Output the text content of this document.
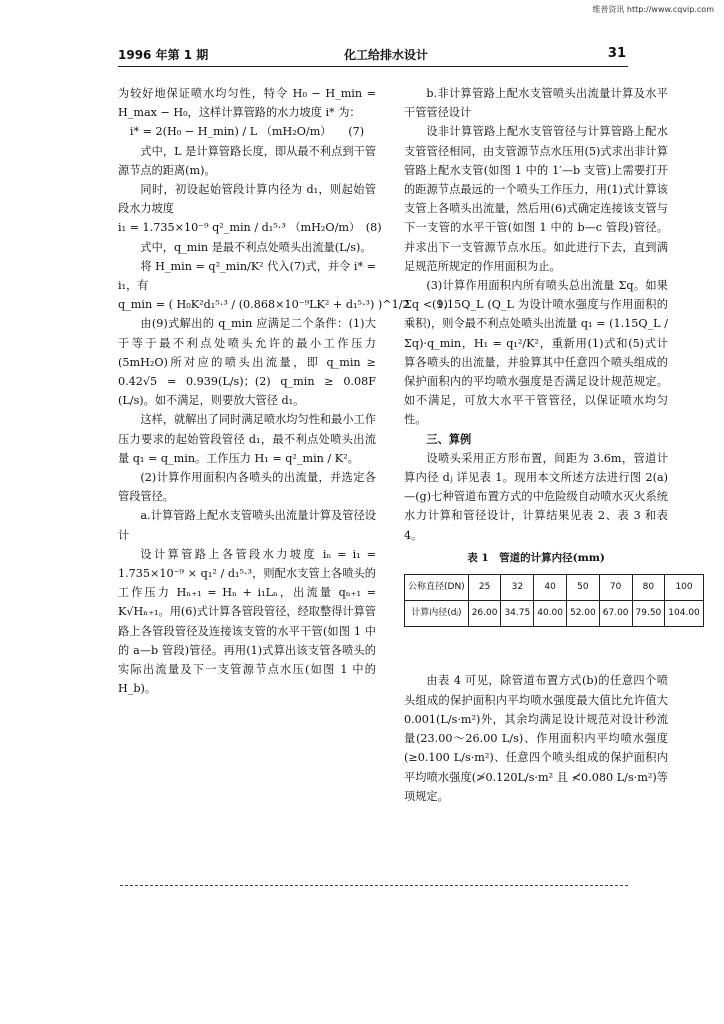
维普资讯 http://www.cqvip.com
1996 年第 1 期	化工给排水设计	31

为较好地保证喷水均匀性，特令 H₀ − H_min = H_max − H₀，这样计算管路的水力坡度 i* 为：

i* = 2(H₀ − H_min) / L （mH₂O/m）　　(7)

式中，L 是计算管路长度，即从最不利点到干管源节点的距离(m)。

同时，初设起始管段计算内径为 d₁，则起始管段水力坡度

i₁ = 1.735×10⁻⁹ q²_min / d₁⁵·³ （mH₂O/m）　(8)

式中，q_min 是最不利点处喷头出流量(L/s)。

将 H_min = q²_min/K² 代入(7)式，并令 i* = i₁，有

q_min = ( H₀K²d₁⁵·³ / (0.868×10⁻⁹LK² + d₁⁵·³) )^1/2　　(9)

由(9)式解出的 q_min 应满足二个条件：(1)大于等于最不利点处喷头允许的最小工作压力(5mH₂O)所对应的喷头出流量，即 q_min ≥ 0.42√5 = 0.939(L/s)；(2) q_min ≥ 0.08F (L/s)。如不满足，则要放大管径 d₁。

这样，就解出了同时满足喷水均匀性和最小工作压力要求的起始管段管径 d₁，最不利点处喷头出流量 q₁ = q_min。工作压力 H₁ = q²_min / K²。

(2)计算作用面积内各喷头的出流量，并选定各管段管径。

a.计算管路上配水支管喷头出流量计算及管径设计

设计算管路上各管段水力坡度 iₙ = i₁ = 1.735×10⁻⁹ × q₁² / d₁⁵·³，则配水支管上各喷头的工作压力 Hₙ₊₁ = Hₙ + i₁Lₙ，出流量 qₙ₊₁ = K√Hₙ₊₁。用(6)式计算各管段管径，经取整得计算管路上各管段管径及连接该支管的水平干管(如图 1 中的 a—b 管段)管径。再用(1)式算出该支管各喷头的实际出流量及下一支管源节点水压(如图 1 中的 H_b)。

b.非计算管路上配水支管喷头出流量计算及水平干管管径设计

设非计算管路上配水支管管径与计算管路上配水支管管径相同，由支管源节点水压用(5)式求出非计算管路上配水支管(如图 1 中的 1′—b 支管)上需要打开的距源节点最远的一个喷头工作压力，用(1)式计算该支管上各喷头出流量，然后用(6)式确定连接该支管与下一支管的水平干管(如图 1 中的 b—c 管段)管径。并求出下一支管源节点水压。如此进行下去，直到满足规范所规定的作用面积为止。

(3)计算作用面积内所有喷头总出流量 Σq。如果 Σq < 1.15Q_L (Q_L 为设计喷水强度与作用面积的乘积)，则令最不利点处喷头出流量 q₁ = (1.15Q_L / Σq)·q_min，H₁ = q₁²/K²，重新用(1)式和(5)式计算各喷头的出流量，并验算其中任意四个喷头组成的保护面积内的平均喷水强度是否满足设计规范规定。如不满足，可放大水平干管管径，以保证喷水均匀性。

三、算例

设喷头采用正方形布置，间距为 3.6m，管道计算内径 dⱼ 详见表 1。现用本文所述方法进行图 2(a)—(g)七种管道布置方式的中危险级自动喷水灭火系统水力计算和管径设计，计算结果见表 2、表 3 和表 4。

表 1　管道的计算内径(mm)
公称直径(DN)	25	32	40	50	70	80	100
计算内径(dⱼ)	26.00	34.75	40.00	52.00	67.00	79.50	104.00

由表 4 可见，除管道布置方式(b)的任意四个喷头组成的保护面积内平均喷水强度最大值比允许值大 0.001(L/s·m²)外，其余均满足设计规范对设计秒流量(23.00～26.00 L/s)、作用面积内平均喷水强度(≥0.100 L/s·m²)、任意四个喷头组成的保护面积内平均喷水强度(≯0.120L/s·m² 且 ≮0.080 L/s·m²)等项规定。
